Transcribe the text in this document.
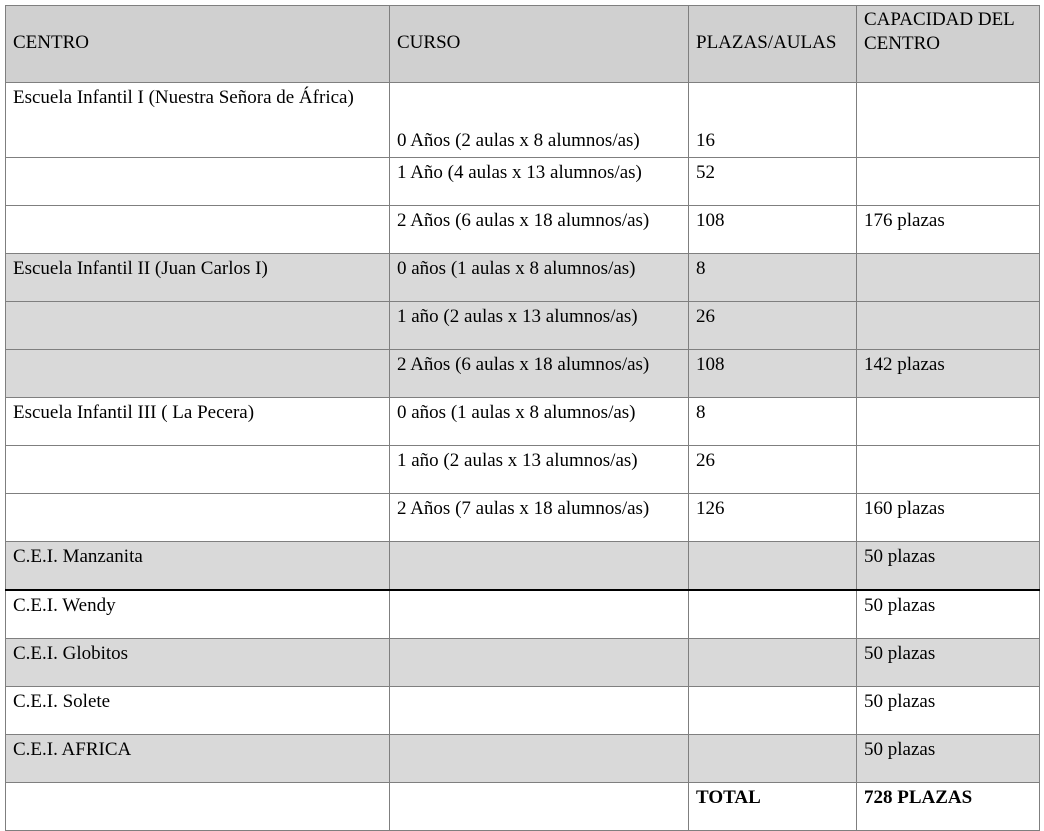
CENTRO	CURSO	PLAZAS/AULAS	CAPACIDAD DEL CENTRO
Escuela Infantil I (Nuestra Señora de África)	0 Años (2 aulas x 8 alumnos/as)	16	
	1 Año (4 aulas x 13 alumnos/as)	52	
	2 Años (6 aulas x 18 alumnos/as)	108	176 plazas
Escuela Infantil II (Juan Carlos I)	0 años (1 aulas x 8 alumnos/as)	8	
	1 año (2 aulas x 13 alumnos/as)	26	
	2 Años (6 aulas x 18 alumnos/as)	108	142 plazas
Escuela Infantil III ( La Pecera)	0 años (1 aulas x 8 alumnos/as)	8	
	1 año (2 aulas x 13 alumnos/as)	26	
	2 Años (7 aulas x 18 alumnos/as)	126	160 plazas
C.E.I. Manzanita			50 plazas
C.E.I. Wendy			50 plazas
C.E.I. Globitos			50 plazas
C.E.I. Solete			50 plazas
C.E.I. AFRICA			50 plazas
		TOTAL	728 PLAZAS
